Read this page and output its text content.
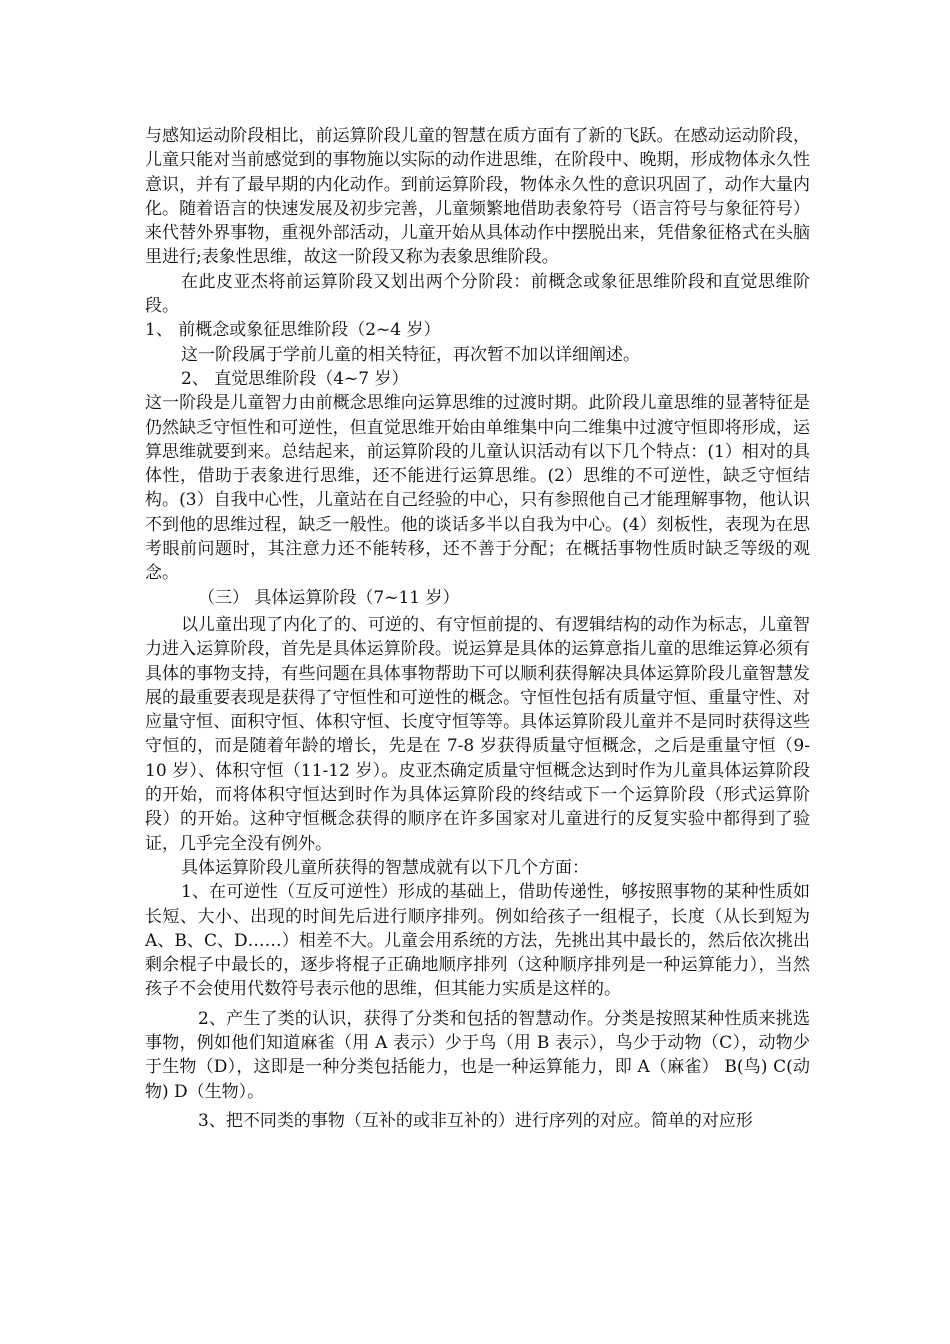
与感知运动阶段相比，前运算阶段儿童的智慧在质方面有了新的飞跃。在感动运动阶段，儿童只能对当前感觉到的事物施以实际的动作进思维，在阶段中、晚期，形成物体永久性意识，并有了最早期的内化动作。到前运算阶段，物体永久性的意识巩固了，动作大量内化。随着语言的快速发展及初步完善，儿童频繁地借助表象符号（语言符号与象征符号）来代替外界事物，重视外部活动，儿童开始从具体动作中摆脱出来，凭借象征格式在头脑里进行;表象性思维，故这一阶段又称为表象思维阶段。

在此皮亚杰将前运算阶段又划出两个分阶段：前概念或象征思维阶段和直觉思维阶段。

1、 前概念或象征思维阶段（2~4 岁）

这一阶段属于学前儿童的相关特征，再次暂不加以详细阐述。

2、 直觉思维阶段（4~7 岁）

这一阶段是儿童智力由前概念思维向运算思维的过渡时期。此阶段儿童思维的显著特征是仍然缺乏守恒性和可逆性，但直觉思维开始由单维集中向二维集中过渡守恒即将形成，运算思维就要到来。总结起来，前运算阶段的儿童认识活动有以下几个特点：(1）相对的具体性，借助于表象进行思维，还不能进行运算思维。(2）思维的不可逆性，缺乏守恒结构。(3）自我中心性，儿童站在自己经验的中心，只有参照他自己才能理解事物，他认识不到他的思维过程，缺乏一般性。他的谈话多半以自我为中心。(4）刻板性，表现为在思考眼前问题时，其注意力还不能转移，还不善于分配；在概括事物性质时缺乏等级的观念。

（三） 具体运算阶段（7~11 岁）

以儿童出现了内化了的、可逆的、有守恒前提的、有逻辑结构的动作为标志，儿童智力进入运算阶段，首先是具体运算阶段。说运算是具体的运算意指儿童的思维运算必须有具体的事物支持，有些问题在具体事物帮助下可以顺利获得解决具体运算阶段儿童智慧发展的最重要表现是获得了守恒性和可逆性的概念。守恒性包括有质量守恒、重量守性、对应量守恒、面积守恒、体积守恒、长度守恒等等。具体运算阶段儿童并不是同时获得这些守恒的，而是随着年龄的增长，先是在 7-8 岁获得质量守恒概念，之后是重量守恒（9-10 岁）、体积守恒（11-12 岁）。皮亚杰确定质量守恒概念达到时作为儿童具体运算阶段的开始，而将体积守恒达到时作为具体运算阶段的终结或下一个运算阶段（形式运算阶段）的开始。这种守恒概念获得的顺序在许多国家对儿童进行的反复实验中都得到了验证，几乎完全没有例外。

具体运算阶段儿童所获得的智慧成就有以下几个方面：

1、在可逆性（互反可逆性）形成的基础上，借助传递性，够按照事物的某种性质如长短、大小、出现的时间先后进行顺序排列。例如给孩子一组棍子，长度（从长到短为 A、B、C、D……）相差不大。儿童会用系统的方法，先挑出其中最长的，然后依次挑出剩余棍子中最长的，逐步将棍子正确地顺序排列（这种顺序排列是一种运算能力），当然孩子不会使用代数符号表示他的思维，但其能力实质是这样的。

2、产生了类的认识，获得了分类和包括的智慧动作。分类是按照某种性质来挑选事物，例如他们知道麻雀（用 A 表示）少于鸟（用 B 表示），鸟少于动物（C），动物少于生物（D），这即是一种分类包括能力，也是一种运算能力，即 A（麻雀） B(鸟) C(动物) D（生物）。

3、把不同类的事物（互补的或非互补的）进行序列的对应。简单的对应形
